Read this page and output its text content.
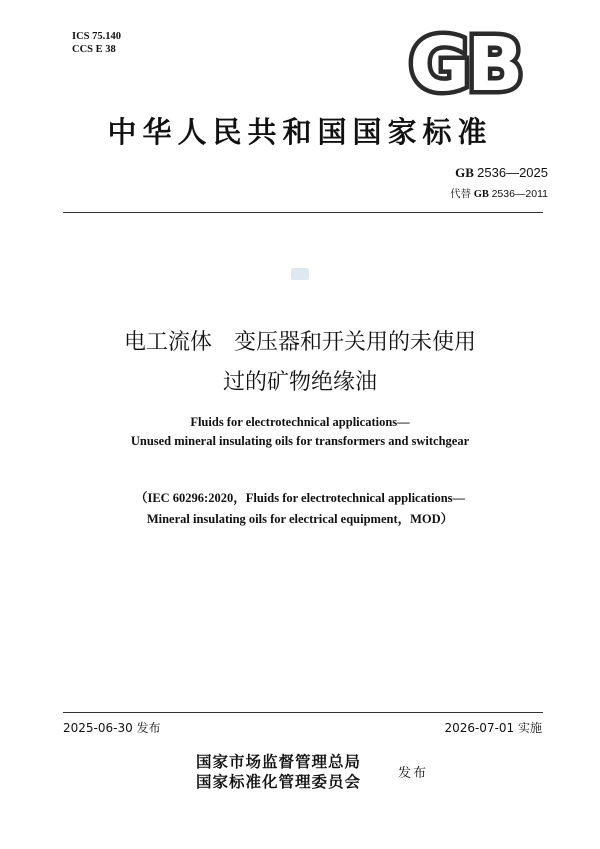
ICS 75.140
CCS E 38	GB
中华人民共和国国家标准
GB 2536—2025
代替 GB 2536—2011
电工流体　变压器和开关用的未使用
过的矿物绝缘油
Fluids for electrotechnical applications—
Unused mineral insulating oils for transformers and switchgear
（IEC 60296:2020，Fluids for electrotechnical applications—
Mineral insulating oils for electrical equipment，MOD）
2025-06-30 发布	2026-07-01 实施
国家市场监督管理总局
国家标准化管理委员会	发布
